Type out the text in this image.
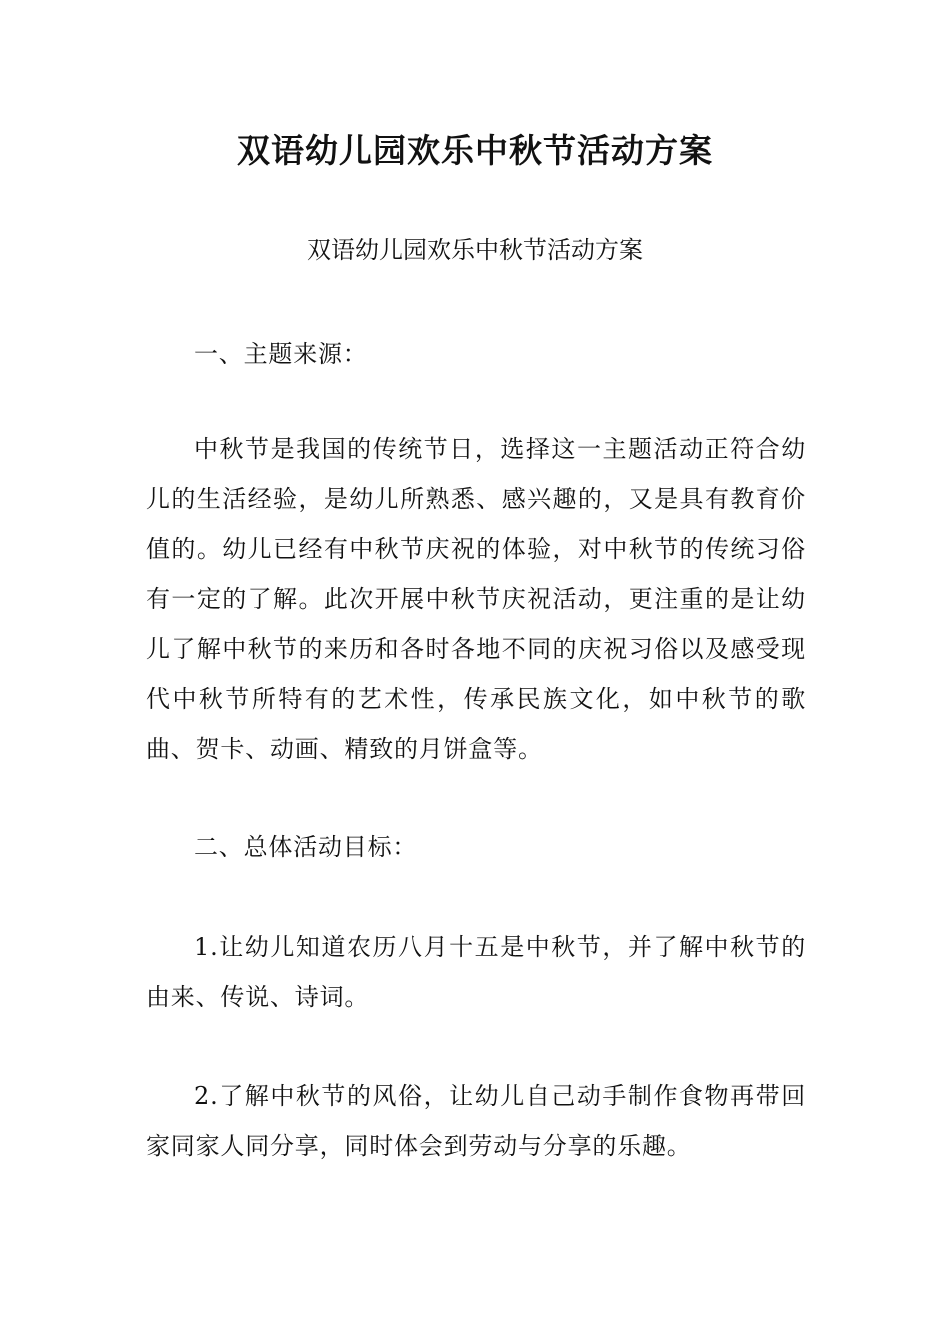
双语幼儿园欢乐中秋节活动方案

双语幼儿园欢乐中秋节活动方案

一、主题来源：

中秋节是我国的传统节日，选择这一主题活动正符合幼儿的生活经验，是幼儿所熟悉、感兴趣的，又是具有教育价值的。幼儿已经有中秋节庆祝的体验，对中秋节的传统习俗有一定的了解。此次开展中秋节庆祝活动，更注重的是让幼儿了解中秋节的来历和各时各地不同的庆祝习俗以及感受现代中秋节所特有的艺术性，传承民族文化，如中秋节的歌曲、贺卡、动画、精致的月饼盒等。

二、总体活动目标：

1.让幼儿知道农历八月十五是中秋节，并了解中秋节的由来、传说、诗词。

2.了解中秋节的风俗，让幼儿自己动手制作食物再带回家同家人同分享，同时体会到劳动与分享的乐趣。
